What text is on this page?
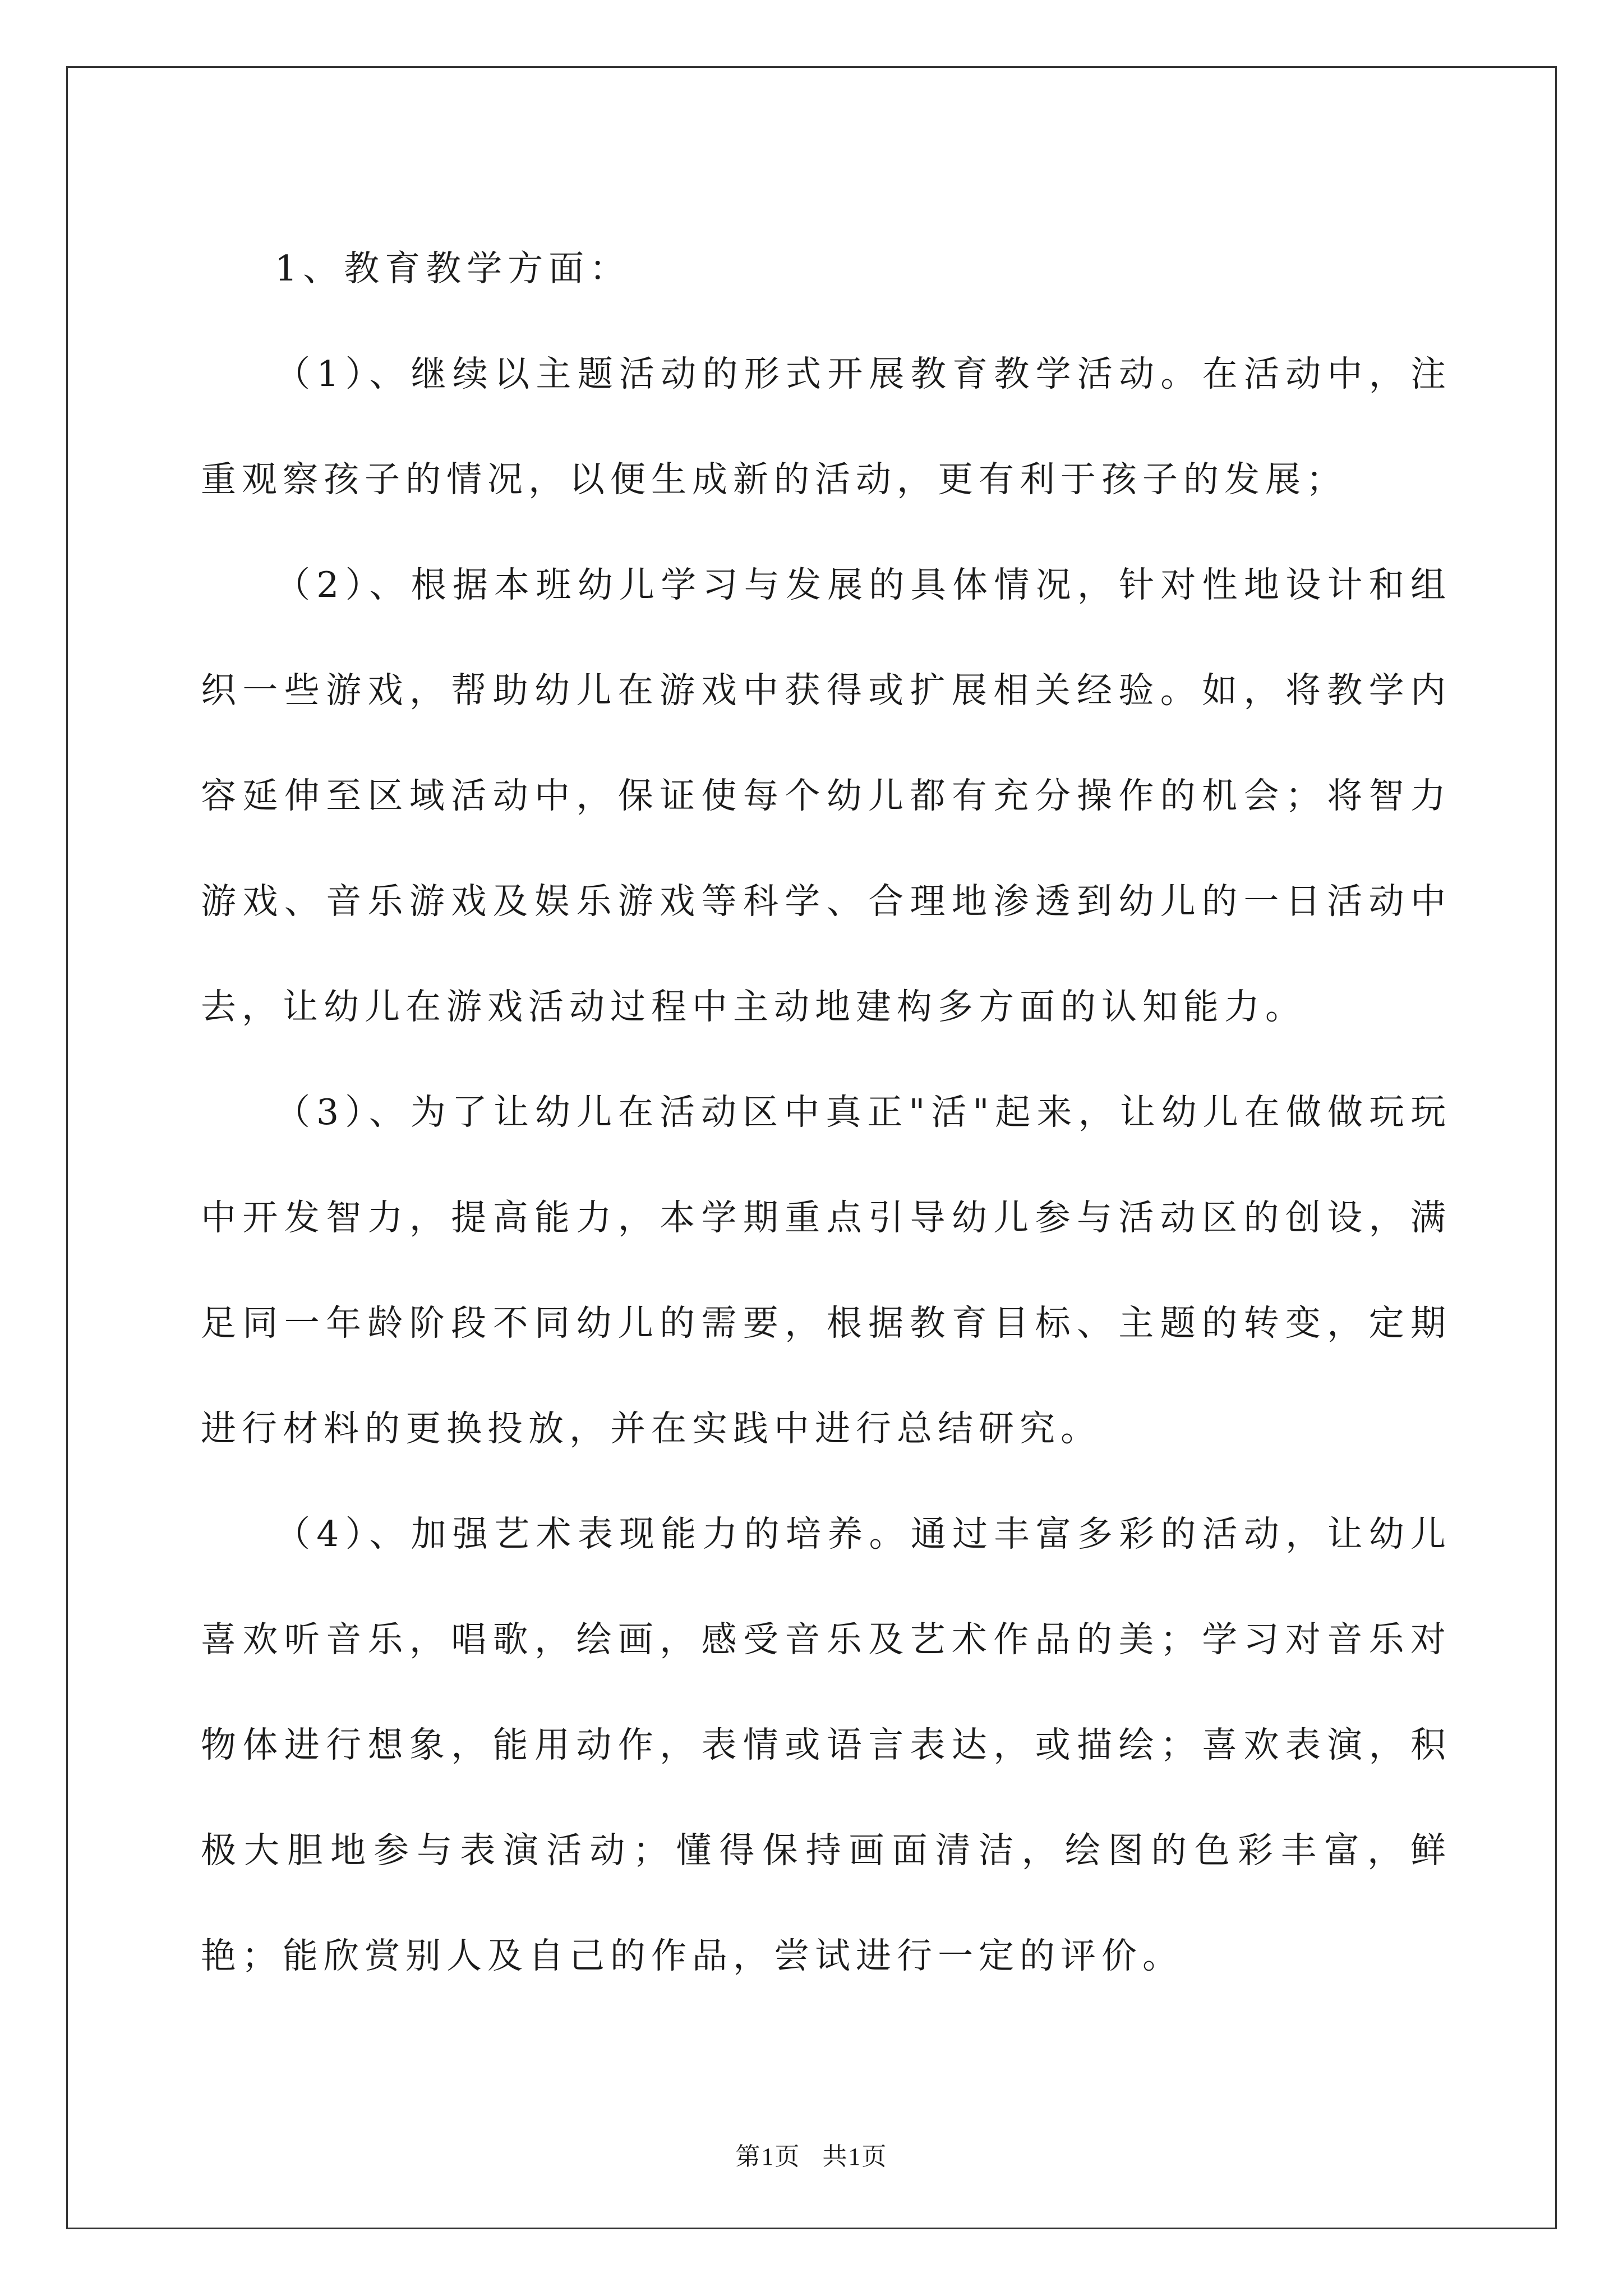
1、教育教学方面：

（1）、继续以主题活动的形式开展教育教学活动。在活动中，注重观察孩子的情况，以便生成新的活动，更有利于孩子的发展；

（2）、根据本班幼儿学习与发展的具体情况，针对性地设计和组织一些游戏，帮助幼儿在游戏中获得或扩展相关经验。如，将教学内容延伸至区域活动中，保证使每个幼儿都有充分操作的机会；将智力游戏、音乐游戏及娱乐游戏等科学、合理地渗透到幼儿的一日活动中去，让幼儿在游戏活动过程中主动地建构多方面的认知能力。

（3）、为了让幼儿在活动区中真正"活"起来，让幼儿在做做玩玩中开发智力，提高能力，本学期重点引导幼儿参与活动区的创设，满足同一年龄阶段不同幼儿的需要，根据教育目标、主题的转变，定期进行材料的更换投放，并在实践中进行总结研究。

（4）、加强艺术表现能力的培养。通过丰富多彩的活动，让幼儿喜欢听音乐，唱歌，绘画，感受音乐及艺术作品的美；学习对音乐对物体进行想象，能用动作，表情或语言表达，或描绘；喜欢表演，积极大胆地参与表演活动；懂得保持画面清洁，绘图的色彩丰富，鲜艳；能欣赏别人及自己的作品，尝试进行一定的评价。

第1页 共1页
